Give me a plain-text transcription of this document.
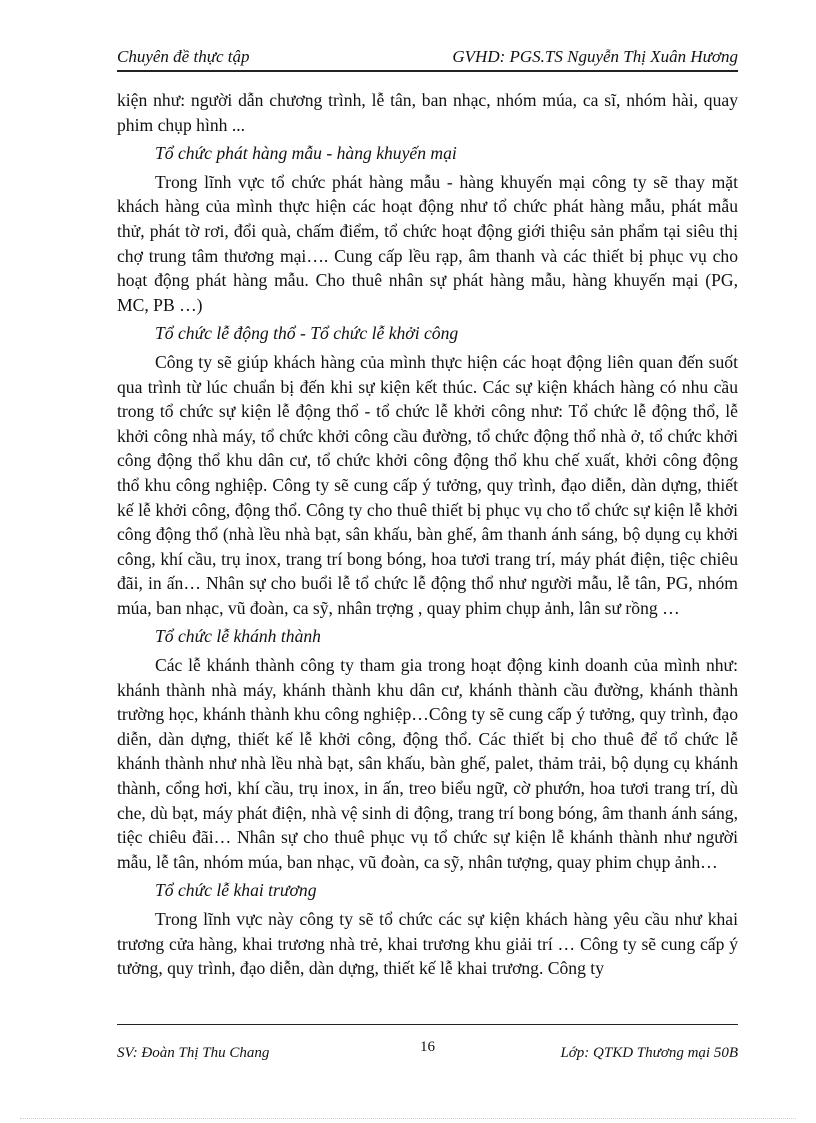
Chuyên đề thực tập	GVHD: PGS.TS Nguyễn Thị Xuân Hương

kiện như: người dẫn chương trình, lễ tân, ban nhạc, nhóm múa, ca sĩ, nhóm hài, quay phim chụp hình ...

Tổ chức phát hàng mẫu - hàng khuyến mại

Trong lĩnh vực tổ chức phát hàng mẫu - hàng khuyến mại công ty sẽ thay mặt khách hàng của mình thực hiện các hoạt động như tổ chức phát hàng mẫu, phát mẫu thử, phát tờ rơi, đổi quà, chấm điểm, tổ chức hoạt động giới thiệu sản phẩm tại siêu thị chợ trung tâm thương mại…. Cung cấp lều rạp, âm thanh và các thiết bị phục vụ cho hoạt động phát hàng mẫu. Cho thuê nhân sự phát hàng mẫu, hàng khuyến mại (PG, MC, PB …)

Tổ chức lễ động thổ - Tổ chức lễ khởi công

Công ty sẽ giúp khách hàng của mình thực hiện các hoạt động liên quan đến suốt qua trình từ lúc chuẩn bị đến khi sự kiện kết thúc. Các sự kiện khách hàng có nhu cầu trong tổ chức sự kiện lễ động thổ - tổ chức lễ khởi công như: Tổ chức lễ động thổ, lễ khởi công nhà máy, tổ chức khởi công cầu đường, tổ chức động thổ nhà ở, tổ chức khởi công động thổ khu dân cư, tổ chức khởi công động thổ khu chế xuất, khởi công động thổ khu công nghiệp. Công ty sẽ cung cấp ý tưởng, quy trình, đạo diễn, dàn dựng, thiết kế lễ khởi công, động thổ. Công ty cho thuê thiết bị phục vụ cho tổ chức sự kiện lễ khởi công động thổ (nhà lều nhà bạt, sân khấu, bàn ghế, âm thanh ánh sáng, bộ dụng cụ khởi công, khí cầu, trụ inox, trang trí bong bóng, hoa tươi trang trí, máy phát điện, tiệc chiêu đãi, in ấn… Nhân sự cho buổi lễ tổ chức lễ động thổ như người mẫu, lễ tân, PG, nhóm múa, ban nhạc, vũ đoàn, ca sỹ, nhân trợng , quay phim chụp ảnh, lân sư rồng …

Tổ chức lễ khánh thành

Các lễ khánh thành công ty tham gia trong hoạt động kinh doanh của mình như: khánh thành nhà máy, khánh thành khu dân cư, khánh thành cầu đường, khánh thành trường học, khánh thành khu công nghiệp…Công ty sẽ cung cấp ý tưởng, quy trình, đạo diễn, dàn dựng, thiết kế lễ khởi công, động thổ. Các thiết bị cho thuê để tổ chức lễ khánh thành như nhà lều nhà bạt, sân khấu, bàn ghế, palet, thảm trải, bộ dụng cụ khánh thành, cổng hơi, khí cầu, trụ inox, in ấn, treo biểu ngữ, cờ phướn, hoa tươi trang trí, dù che, dù bạt, máy phát điện, nhà vệ sinh di động, trang trí bong bóng, âm thanh ánh sáng, tiệc chiêu đãi… Nhân sự cho thuê phục vụ tổ chức sự kiện lễ khánh thành như người mẫu, lễ tân, nhóm múa, ban nhạc, vũ đoàn, ca sỹ, nhân tượng, quay phim chụp ảnh…

Tổ chức lễ khai trương

Trong lĩnh vực này công ty sẽ tổ chức các sự kiện khách hàng yêu cầu như khai trương cửa hàng, khai trương nhà trẻ, khai trương khu giải trí … Công ty sẽ cung cấp ý tưởng, quy trình, đạo diễn, dàn dựng, thiết kế lễ khai trương. Công ty

SV: Đoàn Thị Thu Chang	16	Lớp: QTKD Thương mại 50B
